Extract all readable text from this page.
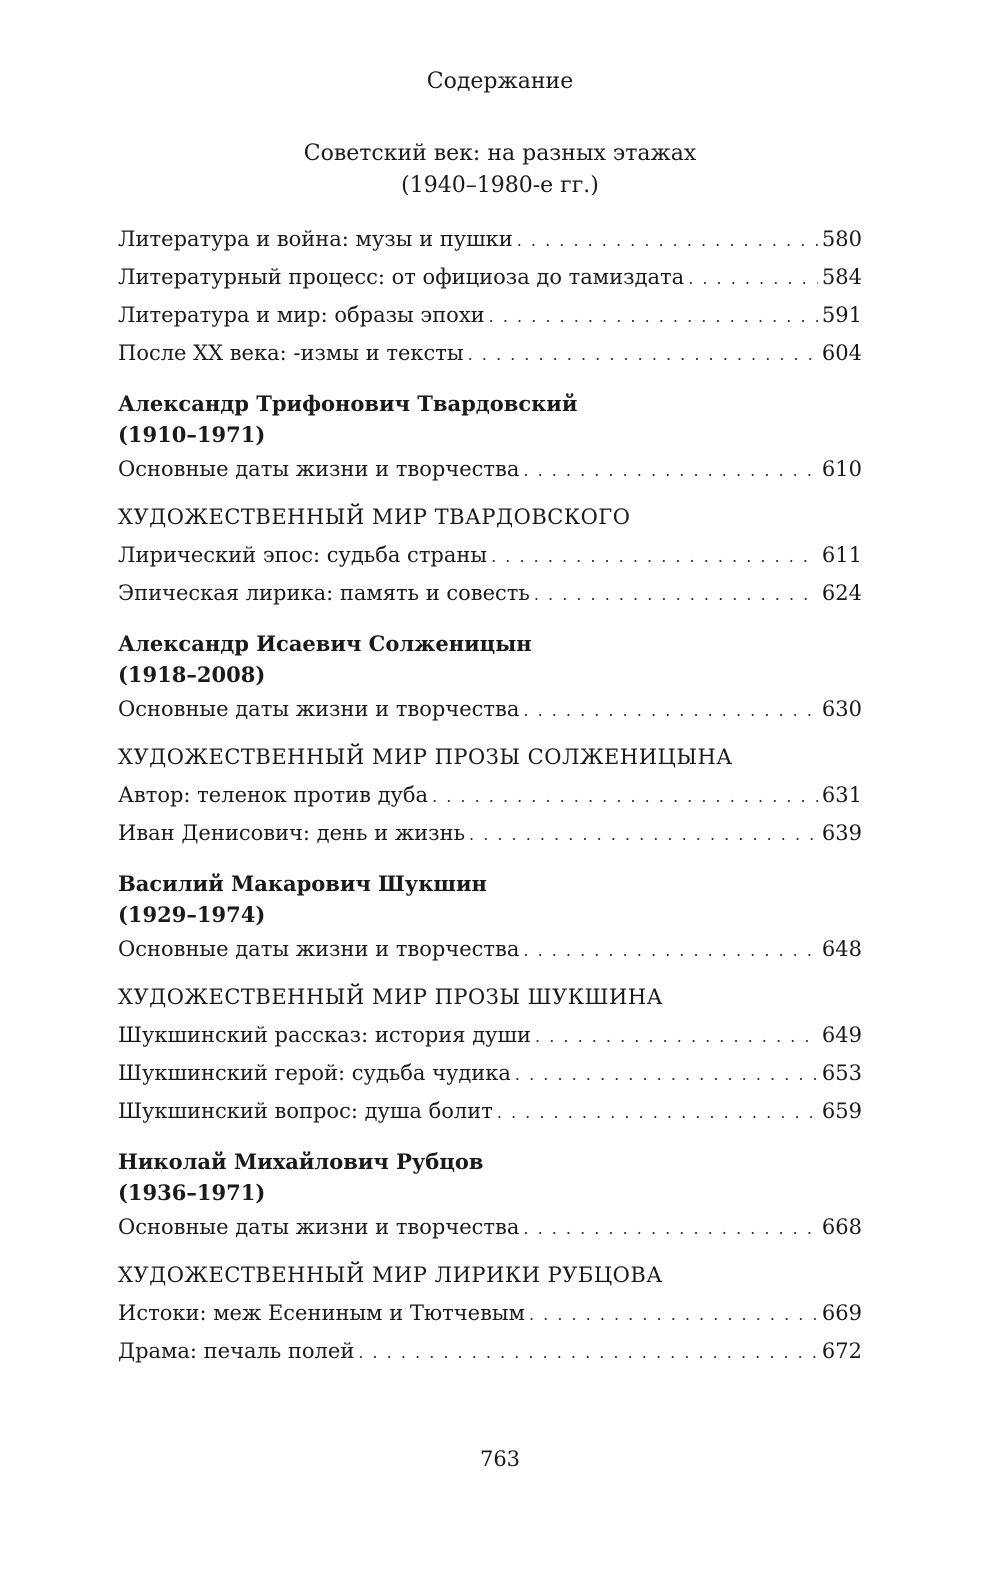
Содержание
Советский век: на разных этажах
(1940–1980-е гг.)
Литература и война: музы и пушки . . .	580
Литературный процесс: от официоза до тамиздата . . .	584
Литература и мир: образы эпохи . . .	591
После XX века: -измы и тексты . . .	604
Александр Трифонович Твардовский
(1910–1971)
Основные даты жизни и творчества . . .	610
ХУДОЖЕСТВЕННЫЙ МИР ТВАРДОВСКОГО
Лирический эпос: судьба страны . . .	611
Эпическая лирика: память и совесть . . .	624
Александр Исаевич Солженицын
(1918–2008)
Основные даты жизни и творчества . . .	630
ХУДОЖЕСТВЕННЫЙ МИР ПРОЗЫ СОЛЖЕНИЦЫНА
Автор: теленок против дуба . . .	631
Иван Денисович: день и жизнь . . .	639
Василий Макарович Шукшин
(1929–1974)
Основные даты жизни и творчества . . .	648
ХУДОЖЕСТВЕННЫЙ МИР ПРОЗЫ ШУКШИНА
Шукшинский рассказ: история души . . .	649
Шукшинский герой: судьба чудика . . .	653
Шукшинский вопрос: душа болит . . .	659
Николай Михайлович Рубцов
(1936–1971)
Основные даты жизни и творчества . . .	668
ХУДОЖЕСТВЕННЫЙ МИР ЛИРИКИ РУБЦОВА
Истоки: меж Есениным и Тютчевым . . .	669
Драма: печаль полей . . .	672
763
